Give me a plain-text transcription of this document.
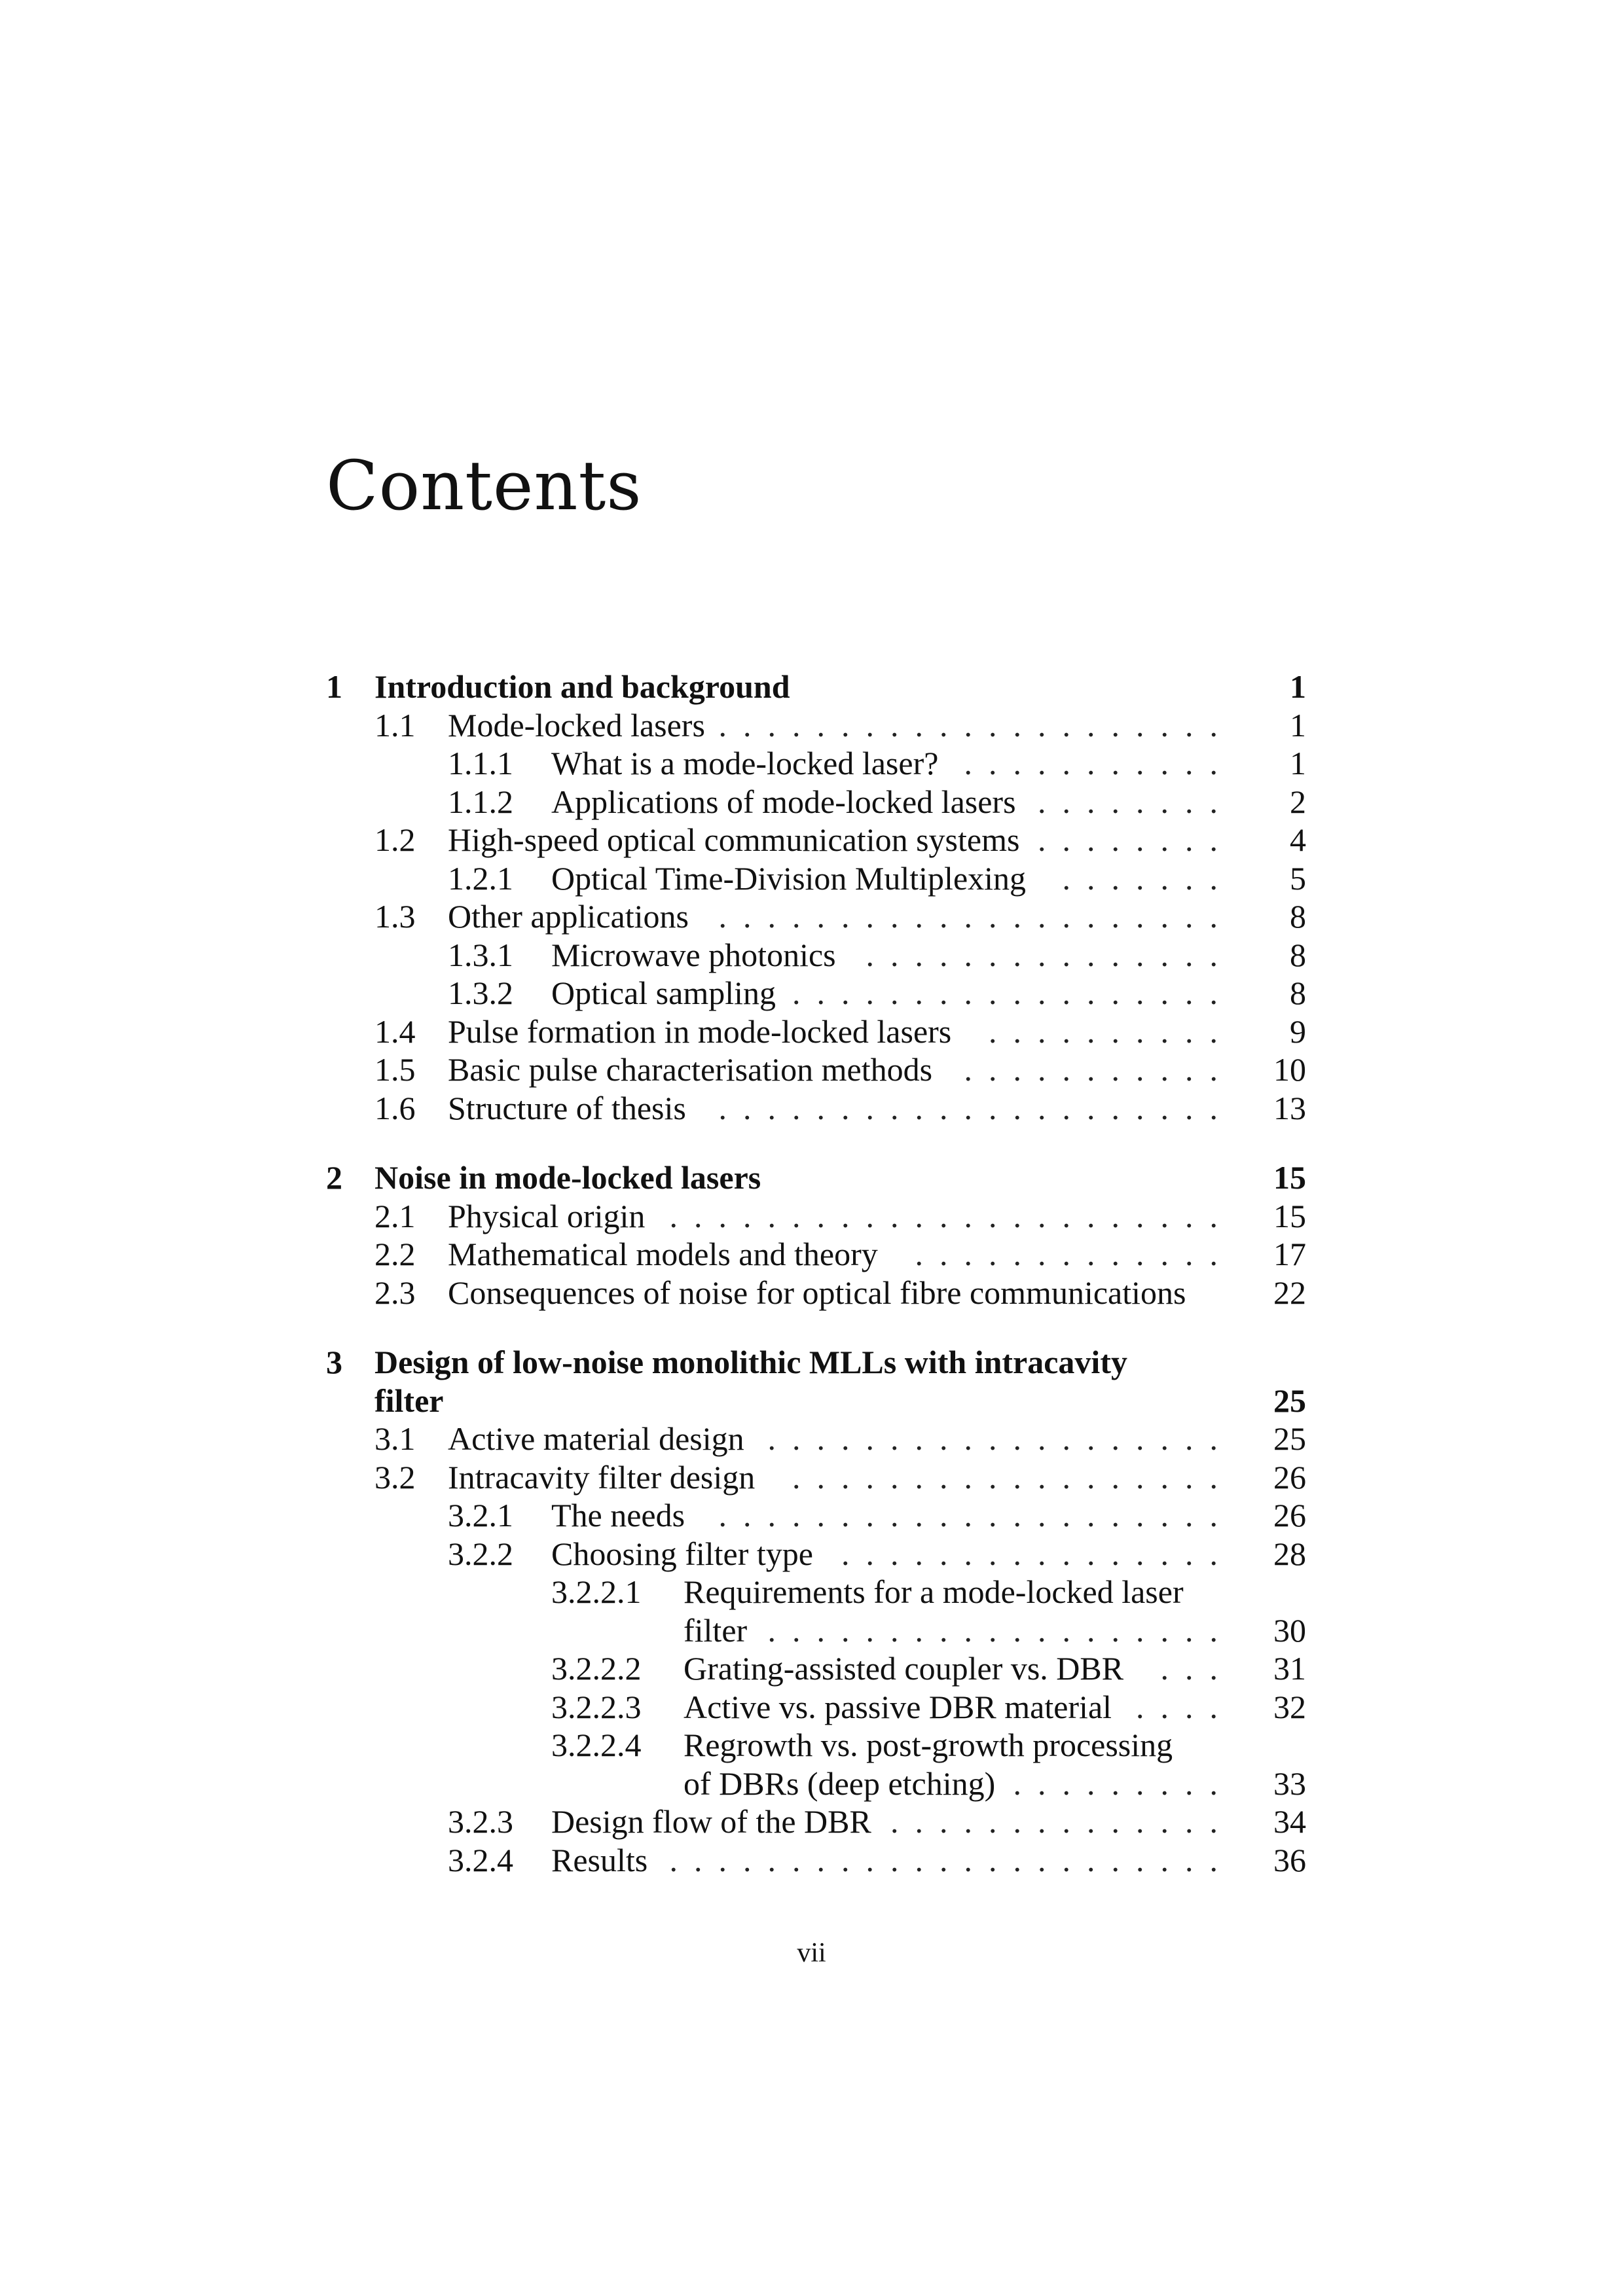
Contents
1 Introduction and background	1
1.1 Mode-locked lasers ..................... 1
1.1.1 What is a mode-locked laser? ........... 1
1.1.2 Applications of mode-locked lasers ........ 2
1.2 High-speed optical communication systems ........ 4
1.2.1 Optical Time-Division Multiplexing	....... 5
1.3 Other applications ..................... 8
1.3.1 Microwave photonics ............... 8
1.3.2 Optical sampling .................. 8
1.4 Pulse formation in mode-locked lasers	.......... 9
1.5 Basic pulse characterisation methods ........... 10
1.6 Structure of thesis ..................... 13
2 Noise in mode-locked lasers	15
2.1 Physical origin ....................... 15
2.2 Mathematical models and theory	............. 17
2.3 Consequences of noise for optical fibre communications	22
3 Design of low-noise monolithic MLLs with intracavity
filter	25
3.1 Active material design ................... 25
3.2 Intracavity filter design	.................. 26
3.2.1 The needs	..................... 26
3.2.2 Choosing filter type ................ 28
3.2.2.1 Requirements for a mode-locked laser
filter ................... 30
3.2.2.2 Grating-assisted coupler vs. DBR	... 31
3.2.2.3 Active vs. passive DBR material .... 32
3.2.2.4 Regrowth vs. post-growth processing
of DBRs (deep etching) ......... 33
3.2.3 Design flow of the DBR .............. 34
3.2.4 Results ....................... 36
vii
